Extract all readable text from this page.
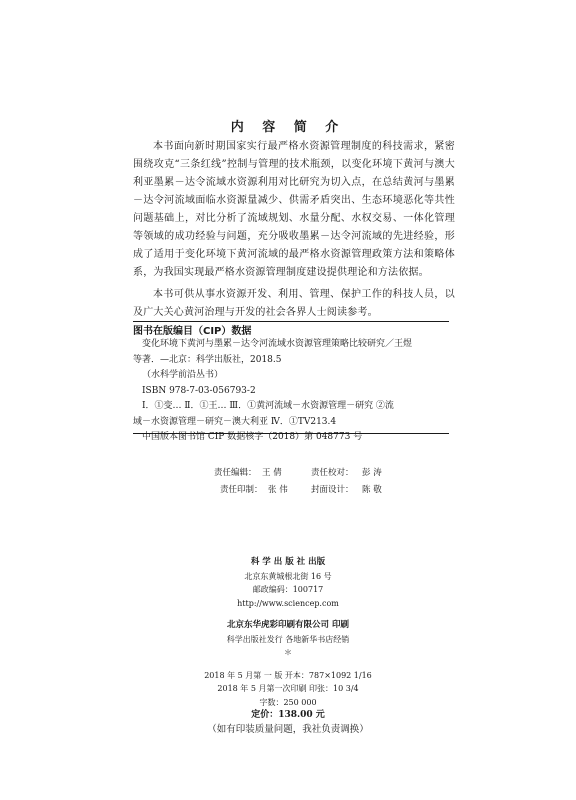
内 容 简 介

本书面向新时期国家实行最严格水资源管理制度的科技需求，紧密围绕攻克“三条红线”控制与管理的技术瓶颈，以变化环境下黄河与澳大利亚墨累－达令流域水资源利用对比研究为切入点，在总结黄河与墨累－达令河流域面临水资源量减少、供需矛盾突出、生态环境恶化等共性问题基础上，对比分析了流域规划、水量分配、水权交易、一体化管理等领域的成功经验与问题，充分吸收墨累－达令河流域的先进经验，形成了适用于变化环境下黄河流域的最严格水资源管理政策方法和策略体系，为我国实现最严格水资源管理制度建设提供理论和方法依据。

本书可供从事水资源开发、利用、管理、保护工作的科技人员，以及广大关心黄河治理与开发的社会各界人士阅读参考。

图书在版编目（CIP）数据
变化环境下黄河与墨累－达令河流域水资源管理策略比较研究／王煜
等著．—北京：科学出版社，2018.5
（水科学前沿丛书）
ISBN 978-7-03-056793-2
Ⅰ．①变… Ⅱ．①王… Ⅲ．①黄河流域－水资源管理－研究 ②流
域－水资源管理－研究－澳大利亚 Ⅳ．①TV213.4
中国版本图书馆 CIP 数据核字（2018）第 048773 号
责任编辑： 王 倩	责任校对： 彭 涛
责任印制： 张 伟	封面设计： 陈 敬
科 学 出 版 社 出版
北京东黄城根北街 16 号
邮政编码：100717
http://www.sciencep.com
北京东华虎彩印刷有限公司 印刷
科学出版社发行 各地新华书店经销
＊
2018 年 5 月第 一 版 开本：787×1092 1/16
2018 年 5 月第一次印刷 印张：10 3/4
字数：250 000
定价：138.00 元
（如有印装质量问题，我社负责调换）
